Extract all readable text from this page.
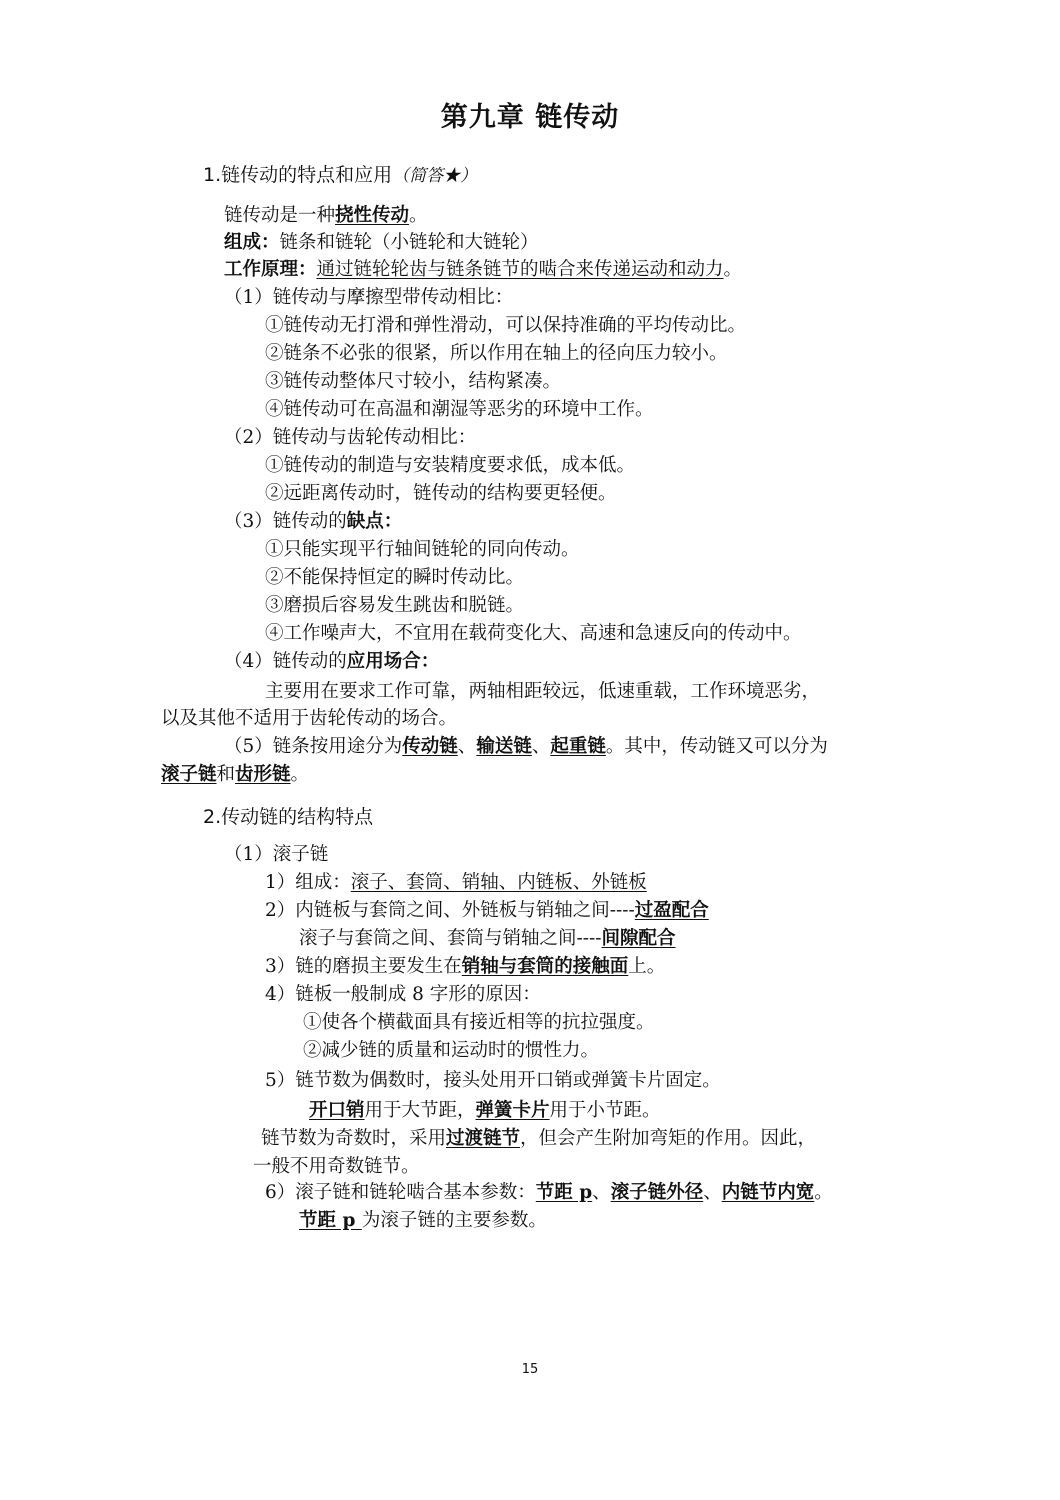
第九章 链传动
1.链传动的特点和应用（简答★）
链传动是一种挠性传动。
组成：链条和链轮（小链轮和大链轮）
工作原理：通过链轮轮齿与链条链节的啮合来传递运动和动力。
（1）链传动与摩擦型带传动相比：
①链传动无打滑和弹性滑动，可以保持准确的平均传动比。
②链条不必张的很紧，所以作用在轴上的径向压力较小。
③链传动整体尺寸较小，结构紧凑。
④链传动可在高温和潮湿等恶劣的环境中工作。
（2）链传动与齿轮传动相比：
①链传动的制造与安装精度要求低，成本低。
②远距离传动时，链传动的结构要更轻便。
（3）链传动的缺点：
①只能实现平行轴间链轮的同向传动。
②不能保持恒定的瞬时传动比。
③磨损后容易发生跳齿和脱链。
④工作噪声大，不宜用在载荷变化大、高速和急速反向的传动中。
（4）链传动的应用场合：
主要用在要求工作可靠，两轴相距较远，低速重载，工作环境恶劣，
以及其他不适用于齿轮传动的场合。
（5）链条按用途分为传动链、输送链、起重链。其中，传动链又可以分为
滚子链和齿形链。
2.传动链的结构特点
（1）滚子链
1）组成：滚子、套筒、销轴、内链板、外链板
2）内链板与套筒之间、外链板与销轴之间----过盈配合
滚子与套筒之间、套筒与销轴之间----间隙配合
3）链的磨损主要发生在销轴与套筒的接触面上。
4）链板一般制成 8 字形的原因：
①使各个横截面具有接近相等的抗拉强度。
②减少链的质量和运动时的惯性力。
5）链节数为偶数时，接头处用开口销或弹簧卡片固定。
开口销用于大节距，弹簧卡片用于小节距。
链节数为奇数时，采用过渡链节，但会产生附加弯矩的作用。因此，
一般不用奇数链节。
6）滚子链和链轮啮合基本参数：节距 p、滚子链外径、内链节内宽。
节距 p 为滚子链的主要参数。
15
